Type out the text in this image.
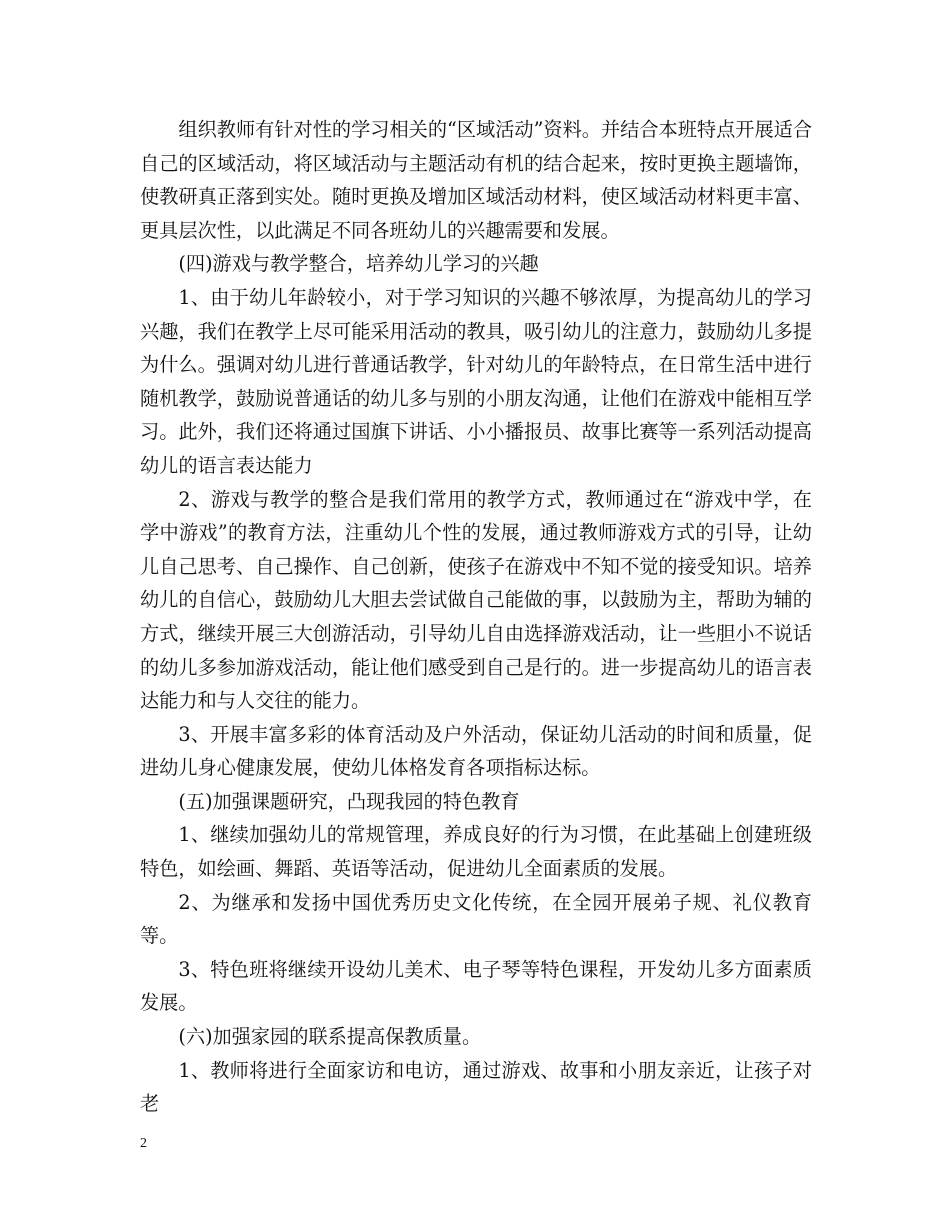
组织教师有针对性的学习相关的“区域活动”资料。并结合本班特点开展适合自己的区域活动，将区域活动与主题活动有机的结合起来，按时更换主题墙饰，使教研真正落到实处。随时更换及增加区域活动材料，使区域活动材料更丰富、更具层次性，以此满足不同各班幼儿的兴趣需要和发展。

(四)游戏与教学整合，培养幼儿学习的兴趣

1、由于幼儿年龄较小，对于学习知识的兴趣不够浓厚，为提高幼儿的学习兴趣，我们在教学上尽可能采用活动的教具，吸引幼儿的注意力，鼓励幼儿多提为什么。强调对幼儿进行普通话教学，针对幼儿的年龄特点，在日常生活中进行随机教学，鼓励说普通话的幼儿多与别的小朋友沟通，让他们在游戏中能相互学习。此外，我们还将通过国旗下讲话、小小播报员、故事比赛等一系列活动提高幼儿的语言表达能力

2、游戏与教学的整合是我们常用的教学方式，教师通过在“游戏中学，在学中游戏”的教育方法，注重幼儿个性的发展，通过教师游戏方式的引导，让幼儿自己思考、自己操作、自己创新，使孩子在游戏中不知不觉的接受知识。培养幼儿的自信心，鼓励幼儿大胆去尝试做自己能做的事，以鼓励为主，帮助为辅的方式，继续开展三大创游活动，引导幼儿自由选择游戏活动，让一些胆小不说话的幼儿多参加游戏活动，能让他们感受到自己是行的。进一步提高幼儿的语言表达能力和与人交往的能力。

3、开展丰富多彩的体育活动及户外活动，保证幼儿活动的时间和质量，促进幼儿身心健康发展，使幼儿体格发育各项指标达标。

(五)加强课题研究，凸现我园的特色教育

1、继续加强幼儿的常规管理，养成良好的行为习惯，在此基础上创建班级特色，如绘画、舞蹈、英语等活动，促进幼儿全面素质的发展。

2、为继承和发扬中国优秀历史文化传统，在全园开展弟子规、礼仪教育等。

3、特色班将继续开设幼儿美术、电子琴等特色课程，开发幼儿多方面素质发展。

(六)加强家园的联系提高保教质量。

1、教师将进行全面家访和电访，通过游戏、故事和小朋友亲近，让孩子对老

2
